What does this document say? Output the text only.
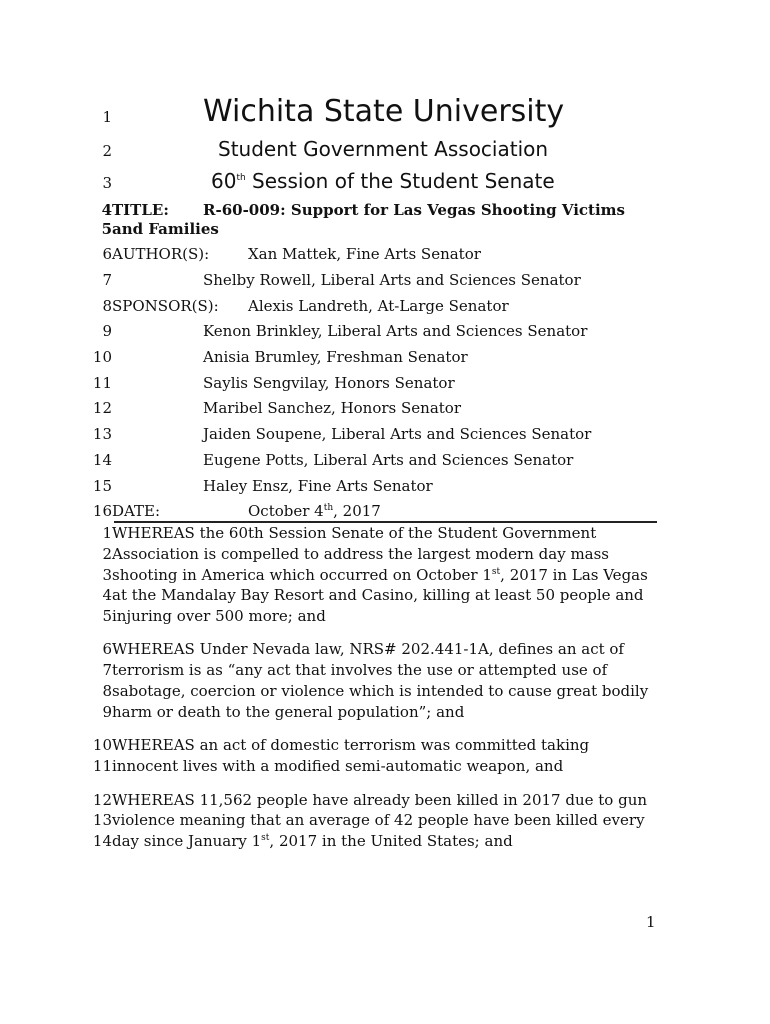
1	Wichita State University
2	Student Government Association
3	60th Session of the Student Senate
4TITLE: R-60-009: Support for Las Vegas Shooting Victims
5and Families
6AUTHOR(S):	Xan Mattek, Fine Arts Senator
7	Shelby Rowell, Liberal Arts and Sciences Senator
8SPONSOR(S): Alexis Landreth, At-Large Senator
9	Kenon Brinkley, Liberal Arts and Sciences Senator
10	Anisia Brumley, Freshman Senator
11	Saylis Sengvilay, Honors Senator
12	Maribel Sanchez, Honors Senator
13	Jaiden Soupene, Liberal Arts and Sciences Senator
14	Eugene Potts, Liberal Arts and Sciences Senator
15	Haley Ensz, Fine Arts Senator
16DATE:	October 4th, 2017
1WHEREAS the 60th Session Senate of the Student Government
2Association is compelled to address the largest modern day mass
3shooting in America which occurred on October 1st, 2017 in Las Vegas
4at the Mandalay Bay Resort and Casino, killing at least 50 people and
5injuring over 500 more; and
6WHEREAS Under Nevada law, NRS# 202.441-1A, defines an act of
7terrorism is as “any act that involves the use or attempted use of
8sabotage, coercion or violence which is intended to cause great bodily
9harm or death to the general population”; and
10WHEREAS an act of domestic terrorism was committed taking
11innocent lives with a modified semi-automatic weapon, and
12WHEREAS 11,562 people have already been killed in 2017 due to gun
13violence meaning that an average of 42 people have been killed every
14day since January 1st, 2017 in the United States; and
1
